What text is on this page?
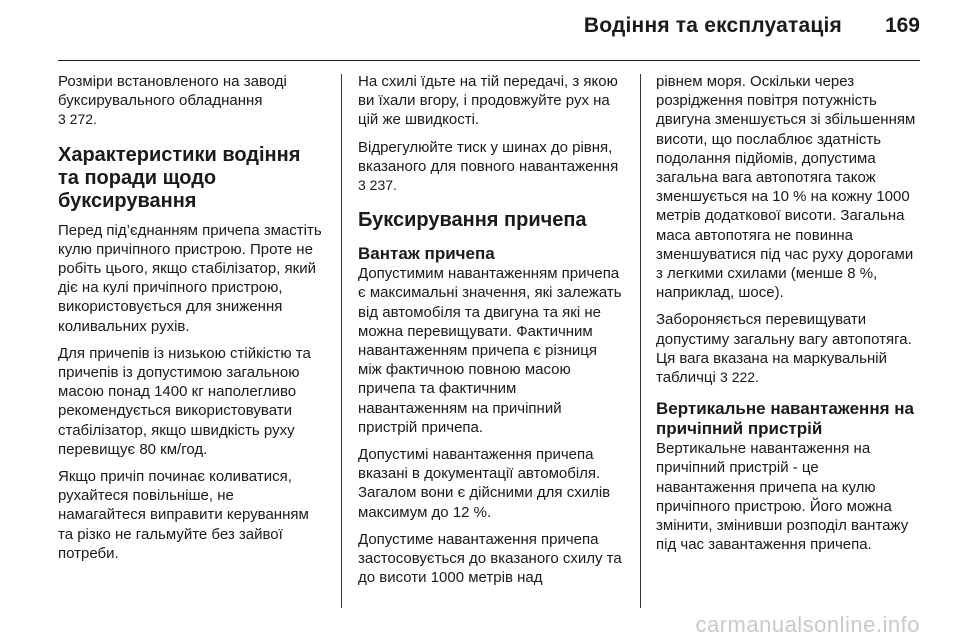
Водіння та експлуатація 169

Розміри встановленого на заводі буксирувального обладнання
3 272.

Характеристики водіння та поради щодо буксирування

Перед під’єднанням причепа змастіть кулю причіпного пристрою. Проте не робіть цього, якщо стабілізатор, який діє на кулі причіпного пристрою, використовується для зниження коливальних рухів.

Для причепів із низькою стійкістю та причепів із допустимою загальною масою понад 1400 кг наполегливо рекомендується використовувати стабілізатор, якщо швидкість руху перевищує 80 км/год.

Якщо причіп починає коливатися, рухайтеся повільніше, не намагайтеся виправити керуванням та різко не гальмуйте без зайвої потреби.

На схилі їдьте на тій передачі, з якою ви їхали вгору, і продовжуйте рух на цій же швидкості.

Відрегулюйте тиск у шинах до рівня, вказаного для повного навантаження 3 237.

Буксирування причепа
Вантаж причепа

Допустимим навантаженням причепа є максимальні значення, які залежать від автомобіля та двигуна та які не можна перевищувати. Фактичним навантаженням причепа є різниця між фактичною повною масою причепа та фактичним навантаженням на причіпний пристрій причепа.

Допустимі навантаження причепа вказані в документації автомобіля. Загалом вони є дійсними для схилів максимум до 12 %.

Допустиме навантаження причепа застосовується до вказаного схилу та до висоти 1000 метрів над

рівнем моря. Оскільки через розрідження повітря потужність двигуна зменшується зі збільшенням висоти, що послаблює здатність подолання підйомів, допустима загальна вага автопотяга також зменшується на 10 % на кожну 1000 метрів додаткової висоти. Загальна маса автопотяга не повинна зменшуватися під час руху дорогами з легкими схилами (менше 8 %, наприклад, шосе).

Забороняється перевищувати допустиму загальну вагу автопотяга. Ця вага вказана на маркувальній табличці 3 222.

Вертикальне навантаження на причіпний пристрій

Вертикальне навантаження на причіпний пристрій - це навантаження причепа на кулю причіпного пристрою. Його можна змінити, змінивши розподіл вантажу під час завантаження причепа.

carmanualsonline.info
